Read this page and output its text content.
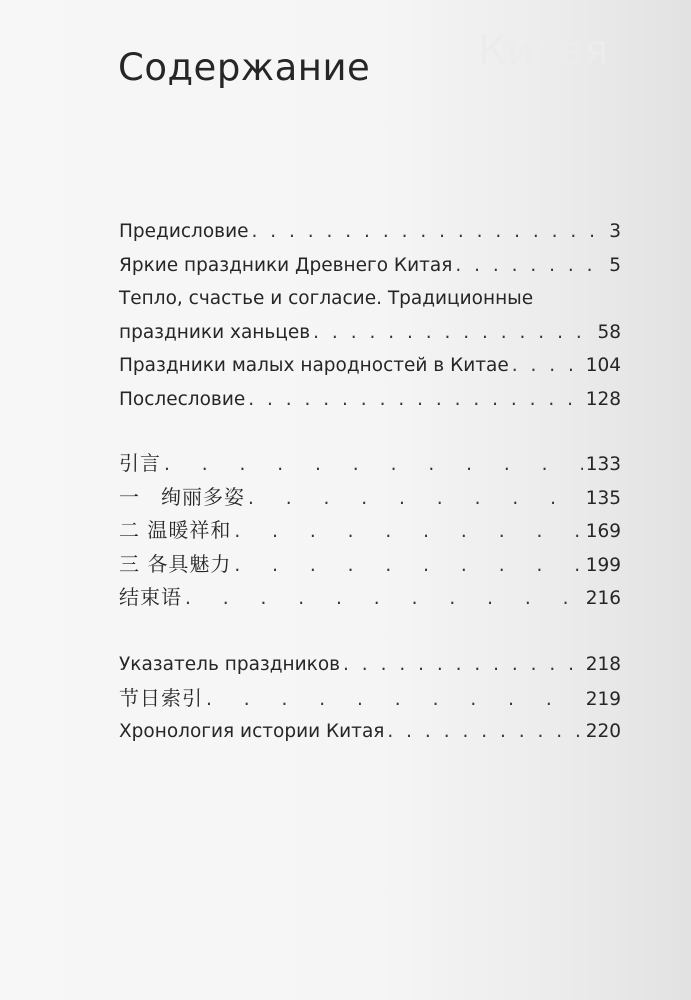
Китая
Содержание
Предисловие . . .	3
Яркие праздники Древнего Китая . . .	5
Тепло, счастье и согласие. Традиционные
праздники ханьцев . . .	58
Праздники малых народностей в Китае . . .	104
Послесловие . . .	128
引言 . . .	133
一　绚丽多姿 . . .	135
二 温暖祥和 . . .	169
三 各具魅力 . . .	199
结束语 . . .	216
Указатель праздников . . .	218
节日索引 . . .	219
Хронология истории Китая . . .	220
